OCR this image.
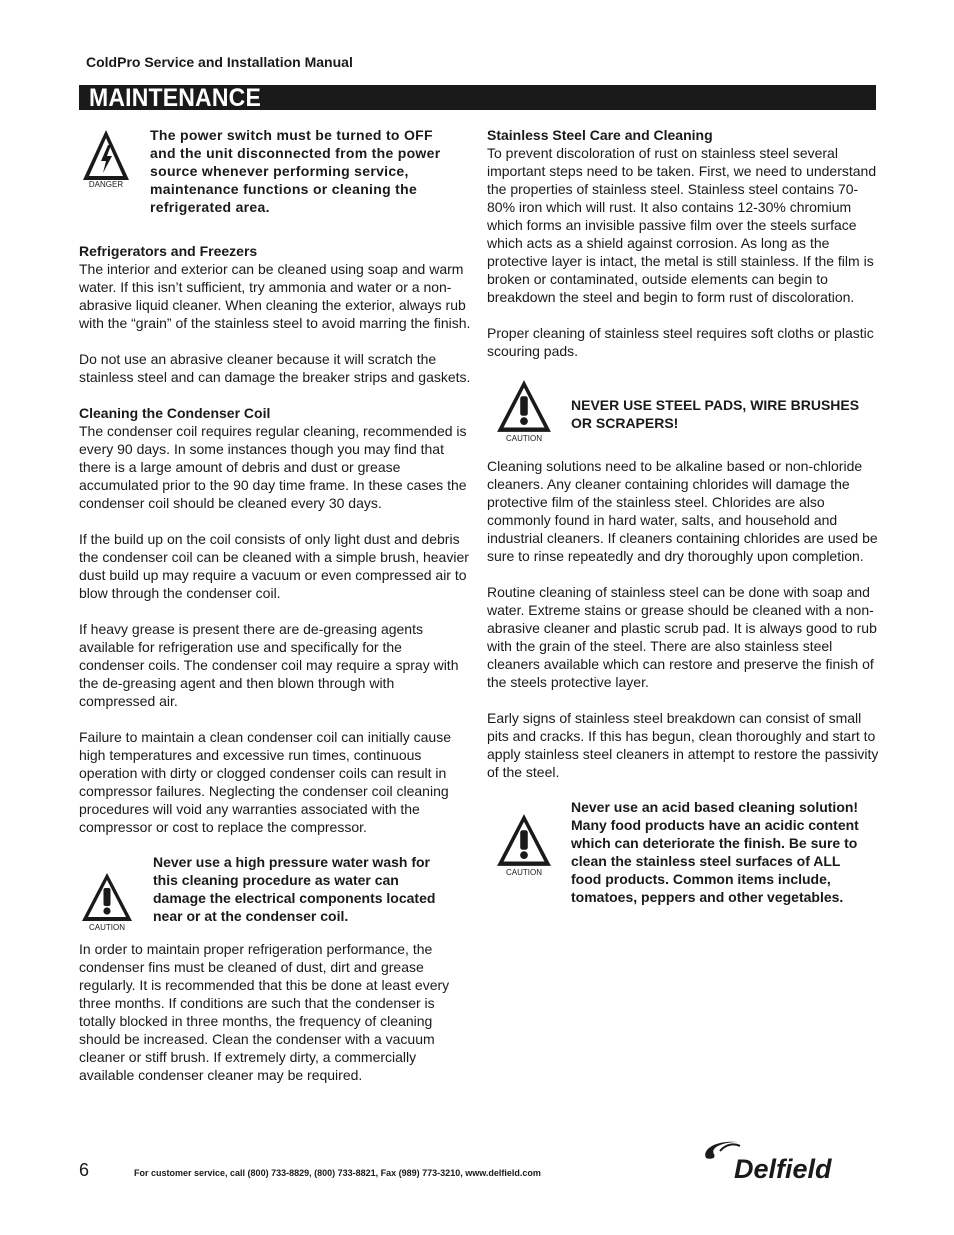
ColdPro Service and Installation Manual
MAINTENANCE
DANGER
The power switch must be turned to OFF and the unit disconnected from the power source whenever performing service, maintenance functions or cleaning the refrigerated area.

Refrigerators and Freezers

The interior and exterior can be cleaned using soap and warm water. If this isn’t sufficient, try ammonia and water or a non-abrasive liquid cleaner. When cleaning the exterior, always rub with the “grain” of the stainless steel to avoid marring the finish.

Do not use an abrasive cleaner because it will scratch the stainless steel and can damage the breaker strips and gaskets.

Cleaning the Condenser Coil

The condenser coil requires regular cleaning, recommended is every 90 days. In some instances though you may find that there is a large amount of debris and dust or grease accumulated prior to the 90 day time frame. In these cases the condenser coil should be cleaned every 30 days.

If the build up on the coil consists of only light dust and debris the condenser coil can be cleaned with a simple brush, heavier dust build up may require a vacuum or even compressed air to blow through the condenser coil.

If heavy grease is present there are de-greasing agents available for refrigeration use and specifically for the condenser coils. The condenser coil may require a spray with the de-greasing agent and then blown through with compressed air.

Failure to maintain a clean condenser coil can initially cause high temperatures and excessive run times, continuous operation with dirty or clogged condenser coils can result in compressor failures. Neglecting the condenser coil cleaning procedures will void any warranties associated with the compressor or cost to replace the compressor.

CAUTION
Never use a high pressure water wash for this cleaning procedure as water can damage the electrical components located near or at the condenser coil.

In order to maintain proper refrigeration performance, the condenser fins must be cleaned of dust, dirt and grease regularly. It is recommended that this be done at least every three months. If conditions are such that the condenser is totally blocked in three months, the frequency of cleaning should be increased. Clean the condenser with a vacuum cleaner or stiff brush. If extremely dirty, a commercially available condenser cleaner may be required.

Stainless Steel Care and Cleaning

To prevent discoloration of rust on stainless steel several important steps need to be taken. First, we need to understand the properties of stainless steel. Stainless steel contains 70-80% iron which will rust. It also contains 12-30% chromium which forms an invisible passive film over the steels surface which acts as a shield against corrosion. As long as the protective layer is intact, the metal is still stainless. If the film is broken or contaminated, outside elements can begin to breakdown the steel and begin to form rust of discoloration.

Proper cleaning of stainless steel requires soft cloths or plastic scouring pads.

CAUTION
NEVER USE STEEL PADS, WIRE BRUSHES OR SCRAPERS!

Cleaning solutions need to be alkaline based or non-chloride cleaners. Any cleaner containing chlorides will damage the protective film of the stainless steel. Chlorides are also commonly found in hard water, salts, and household and industrial cleaners. If cleaners containing chlorides are used be sure to rinse repeatedly and dry thoroughly upon completion.

Routine cleaning of stainless steel can be done with soap and water. Extreme stains or grease should be cleaned with a non-abrasive cleaner and plastic scrub pad. It is always good to rub with the grain of the steel. There are also stainless steel cleaners available which can restore and preserve the finish of the steels protective layer.

Early signs of stainless steel breakdown can consist of small pits and cracks. If this has begun, clean thoroughly and start to apply stainless steel cleaners in attempt to restore the passivity of the steel.

CAUTION
Never use an acid based cleaning solution! Many food products have an acidic content which can deteriorate the finish. Be sure to clean the stainless steel surfaces of ALL food products. Common items include, tomatoes, peppers and other vegetables.
6	For customer service, call (800) 733-8829, (800) 733-8821, Fax (989) 773-3210, www.delfield.com	Delfield
